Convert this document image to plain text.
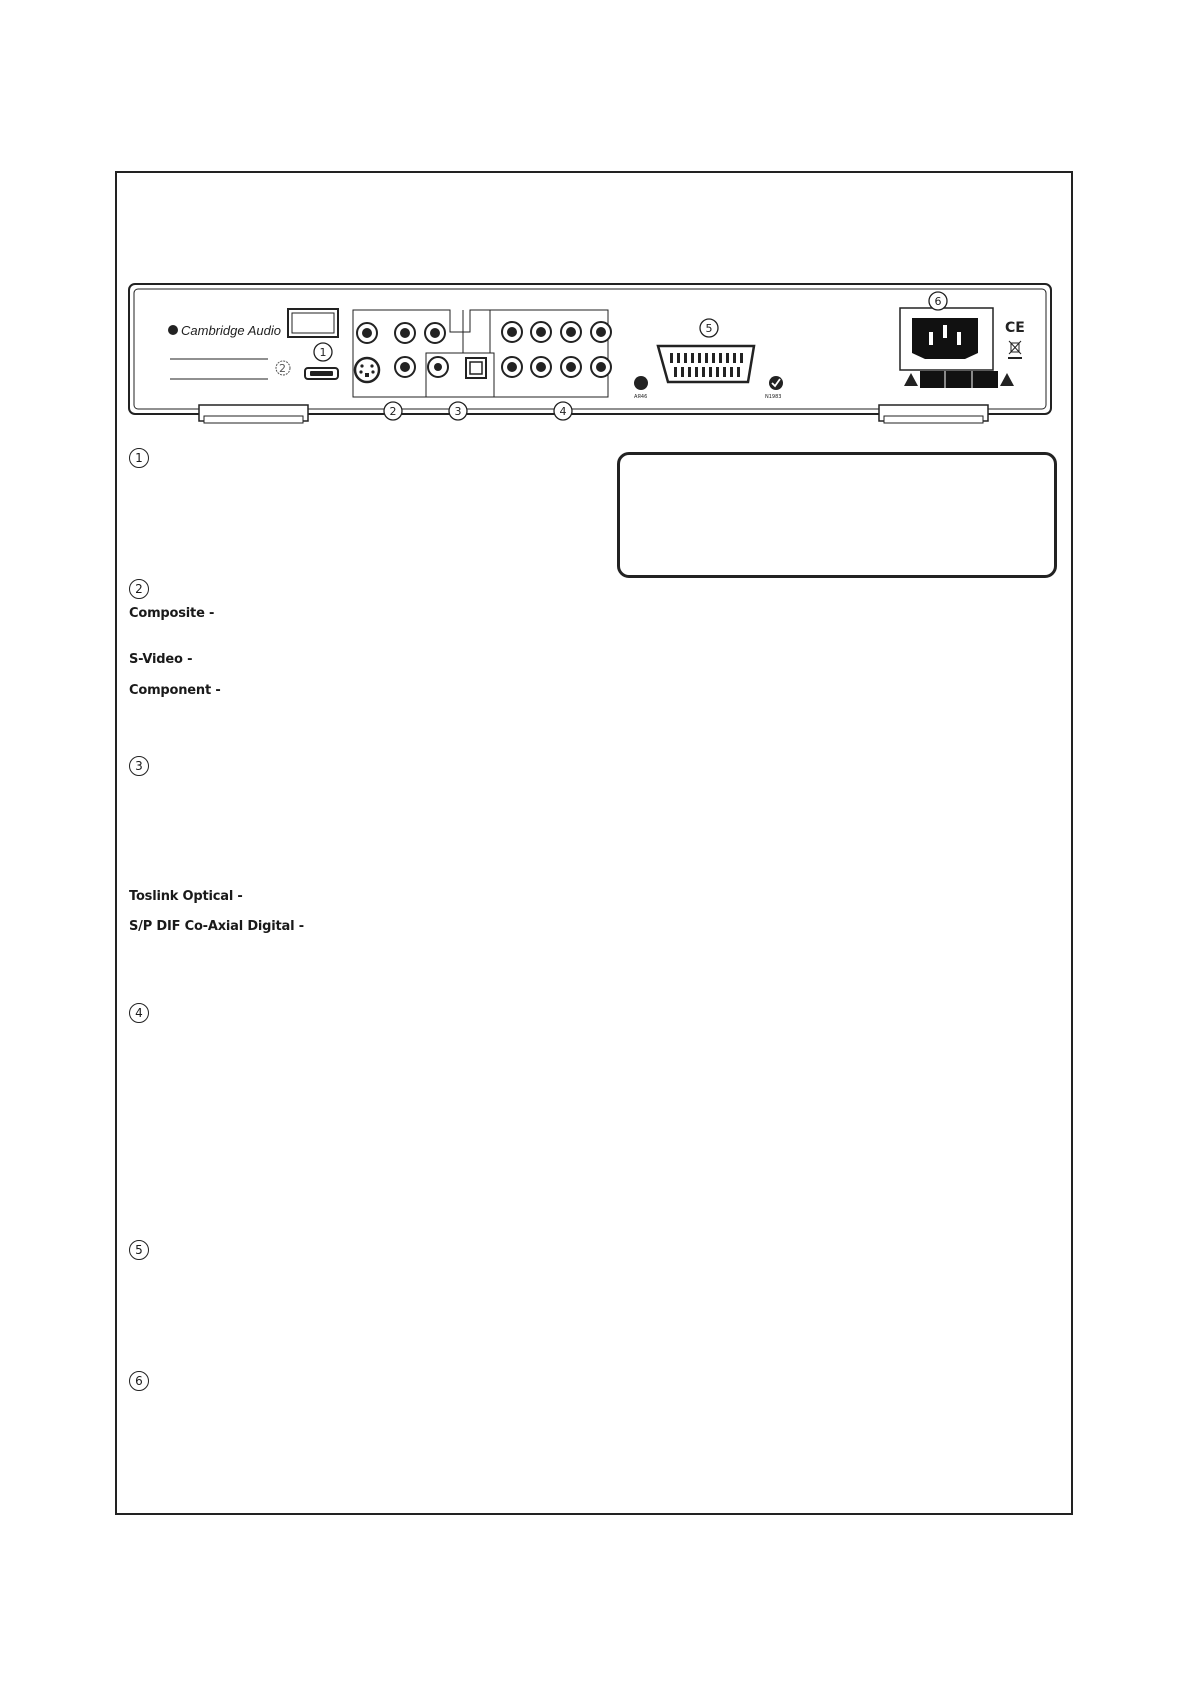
Cambridge Audio
2
AЯ46	N1983
CE
1
2	3	4
5
6
1
2
3
4
5
6
Composite -
S-Video -
Component -
Toslink Optical -
S/P DIF Co-Axial Digital -
